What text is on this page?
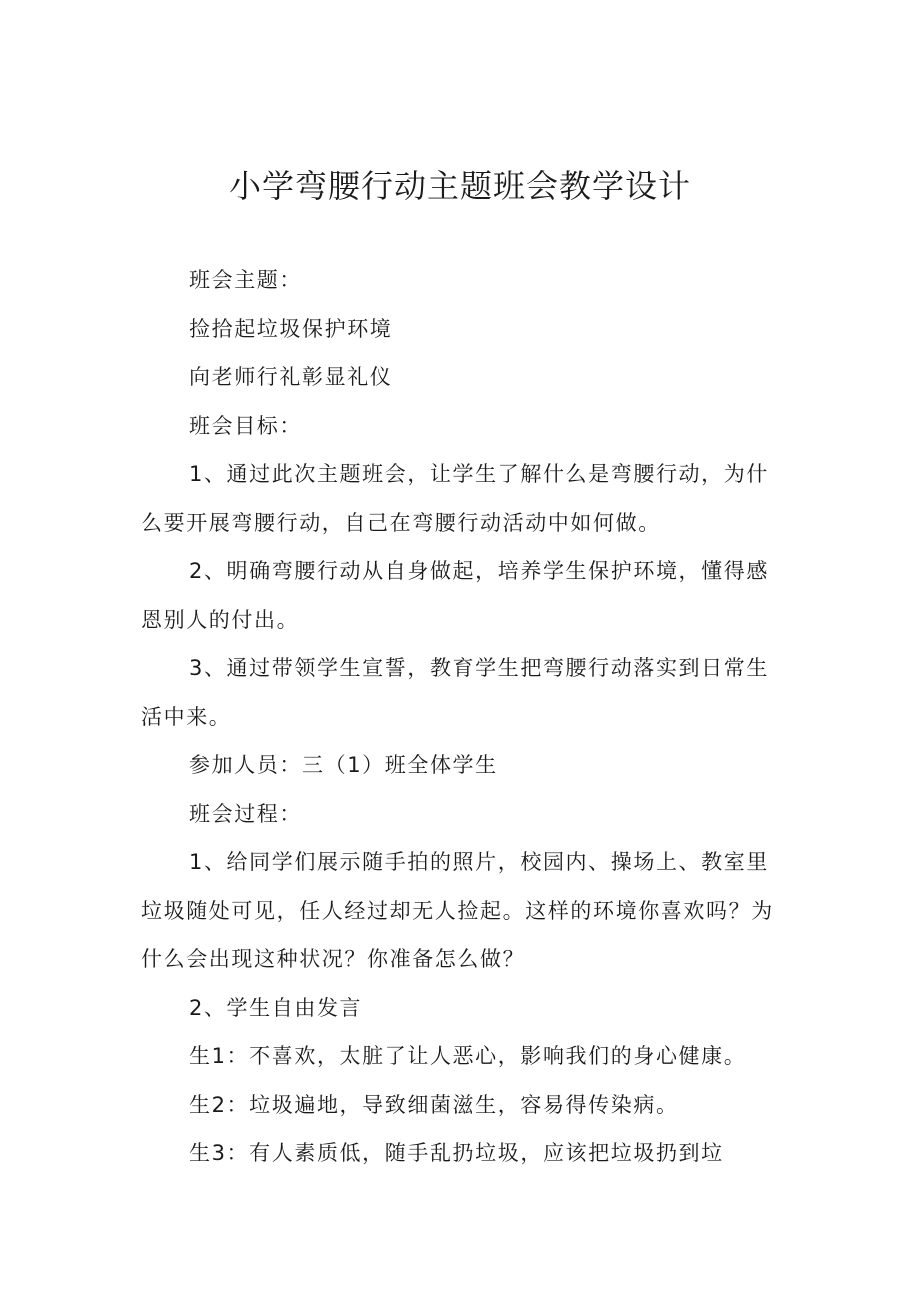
小学弯腰行动主题班会教学设计

班会主题：

捡拾起垃圾保护环境

向老师行礼彰显礼仪

班会目标：

1、通过此次主题班会，让学生了解什么是弯腰行动，为什么要开展弯腰行动，自己在弯腰行动活动中如何做。

2、明确弯腰行动从自身做起，培养学生保护环境，懂得感恩别人的付出。

3、通过带领学生宣誓，教育学生把弯腰行动落实到日常生活中来。

参加人员：三（1）班全体学生

班会过程：

1、给同学们展示随手拍的照片，校园内、操场上、教室里垃圾随处可见，任人经过却无人捡起。这样的环境你喜欢吗？为什么会出现这种状况？你准备怎么做？

2、学生自由发言

生1：不喜欢，太脏了让人恶心，影响我们的身心健康。

生2：垃圾遍地，导致细菌滋生，容易得传染病。

生3：有人素质低，随手乱扔垃圾，应该把垃圾扔到垃
